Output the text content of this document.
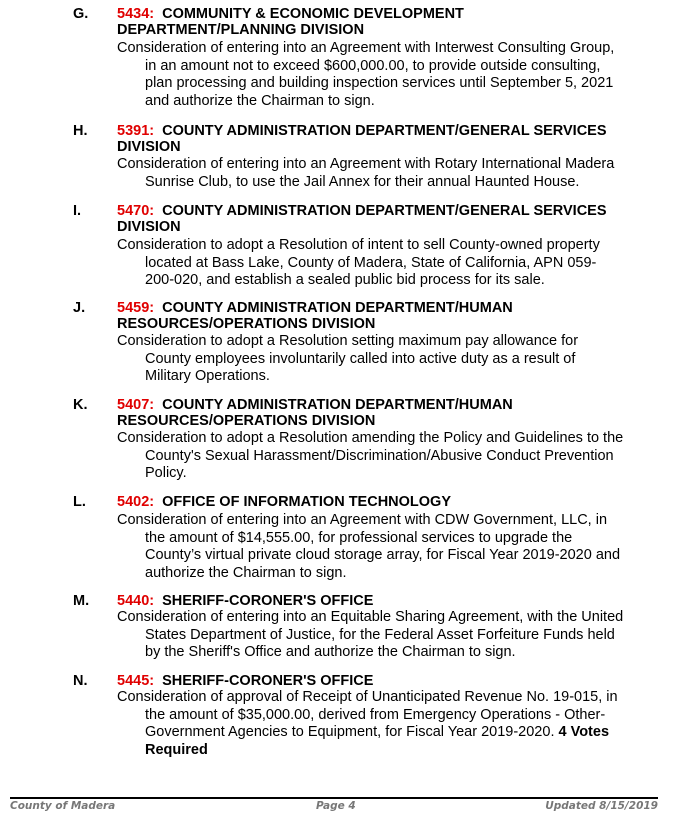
G. 5434: COMMUNITY & ECONOMIC DEVELOPMENT DEPARTMENT/PLANNING DIVISION
Consideration of entering into an Agreement with Interwest Consulting Group, in an amount not to exceed $600,000.00, to provide outside consulting, plan processing and building inspection services until September 5, 2021 and authorize the Chairman to sign.
H. 5391: COUNTY ADMINISTRATION DEPARTMENT/GENERAL SERVICES DIVISION
Consideration of entering into an Agreement with Rotary International Madera Sunrise Club, to use the Jail Annex for their annual Haunted House.
I. 5470: COUNTY ADMINISTRATION DEPARTMENT/GENERAL SERVICES DIVISION
Consideration to adopt a Resolution of intent to sell County-owned property located at Bass Lake, County of Madera, State of California, APN 059-200-020, and establish a sealed public bid process for its sale.
J. 5459: COUNTY ADMINISTRATION DEPARTMENT/HUMAN RESOURCES/OPERATIONS DIVISION
Consideration to adopt a Resolution setting maximum pay allowance for County employees involuntarily called into active duty as a result of Military Operations.
K. 5407: COUNTY ADMINISTRATION DEPARTMENT/HUMAN RESOURCES/OPERATIONS DIVISION
Consideration to adopt a Resolution amending the Policy and Guidelines to the County's Sexual Harassment/Discrimination/Abusive Conduct Prevention Policy.
L. 5402: OFFICE OF INFORMATION TECHNOLOGY
Consideration of entering into an Agreement with CDW Government, LLC, in the amount of $14,555.00, for professional services to upgrade the County’s virtual private cloud storage array, for Fiscal Year 2019-2020 and authorize the Chairman to sign.
M. 5440: SHERIFF-CORONER'S OFFICE
Consideration of entering into an Equitable Sharing Agreement, with the United States Department of Justice, for the Federal Asset Forfeiture Funds held by the Sheriff's Office and authorize the Chairman to sign.
N. 5445: SHERIFF-CORONER'S OFFICE
Consideration of approval of Receipt of Unanticipated Revenue No. 19-015, in the amount of $35,000.00, derived from Emergency Operations - Other-Government Agencies to Equipment, for Fiscal Year 2019-2020. 4 Votes Required
County of Madera	Page 4	Updated 8/15/2019
